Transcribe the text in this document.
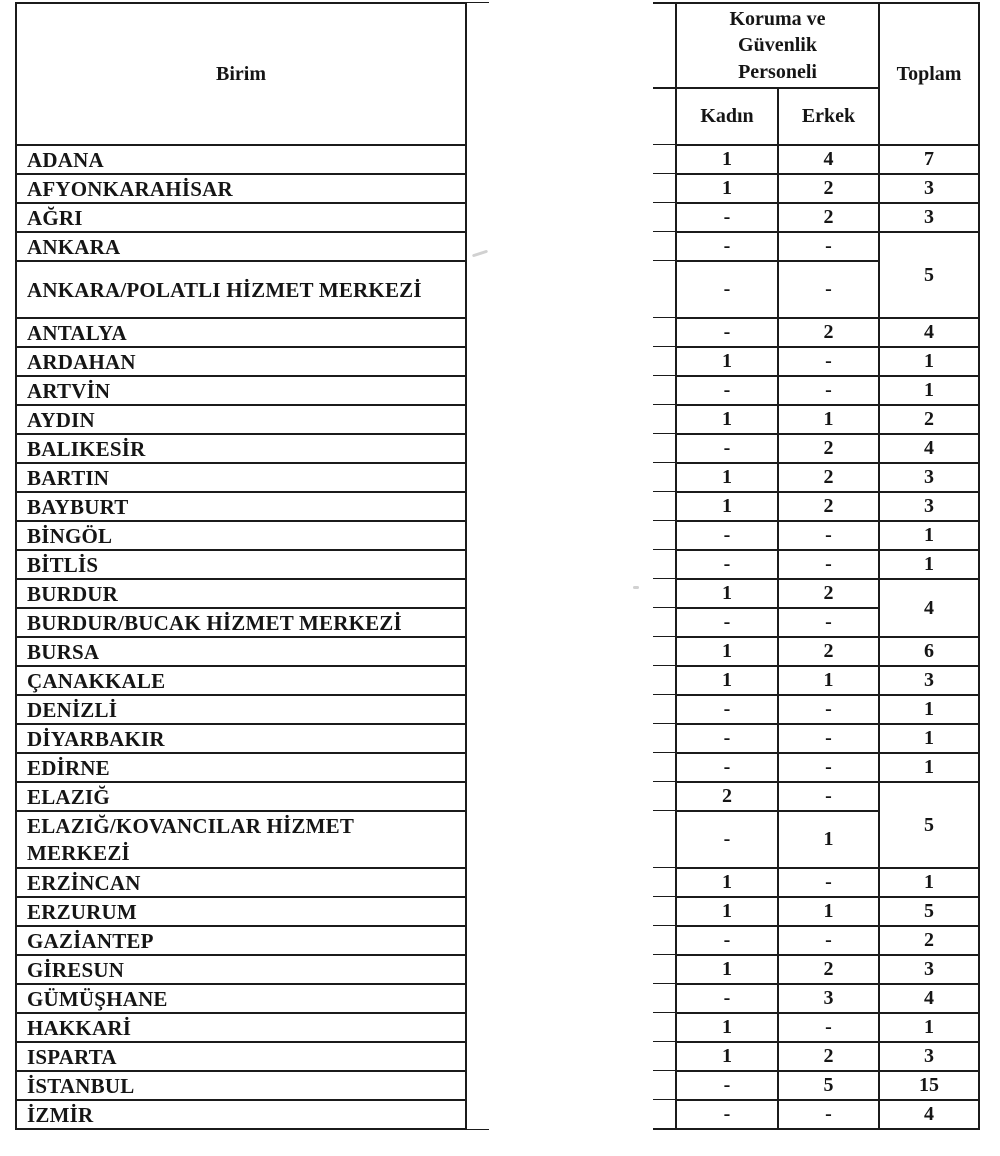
Birim		Koruma ve Güvenlik Personeli		Toplam
		Kadın	Erkek	
ADANA		1	4	7
AFYONKARAHİSAR		1	2	3
AĞRI		-	2	3
ANKARA		-	-	5
ANKARA/POLATLI HİZMET MERKEZİ		-	-	
ANTALYA		-	2	4
ARDAHAN		1	-	1
ARTVİN		-	-	1
AYDIN		1	1	2
BALIKESİR		-	2	4
BARTIN		1	2	3
BAYBURT		1	2	3
BİNGÖL		-	-	1
BİTLİS		-	-	1
BURDUR		1	2	4
BURDUR/BUCAK HİZMET MERKEZİ		-	-	
BURSA		1	2	6
ÇANAKKALE		1	1	3
DENİZLİ		-	-	1
DİYARBAKIR		-	-	1
EDİRNE		-	-	1
ELAZIĞ		2	-	5
ELAZIĞ/KOVANCILAR HİZMET MERKEZİ		-	1	
ERZİNCAN		1	-	1
ERZURUM		1	1	5
GAZİANTEP		-	-	2
GİRESUN		1	2	3
GÜMÜŞHANE		-	3	4
HAKKARİ		1	-	1
ISPARTA		1	2	3
İSTANBUL		-	5	15
İZMİR		-	-	4
